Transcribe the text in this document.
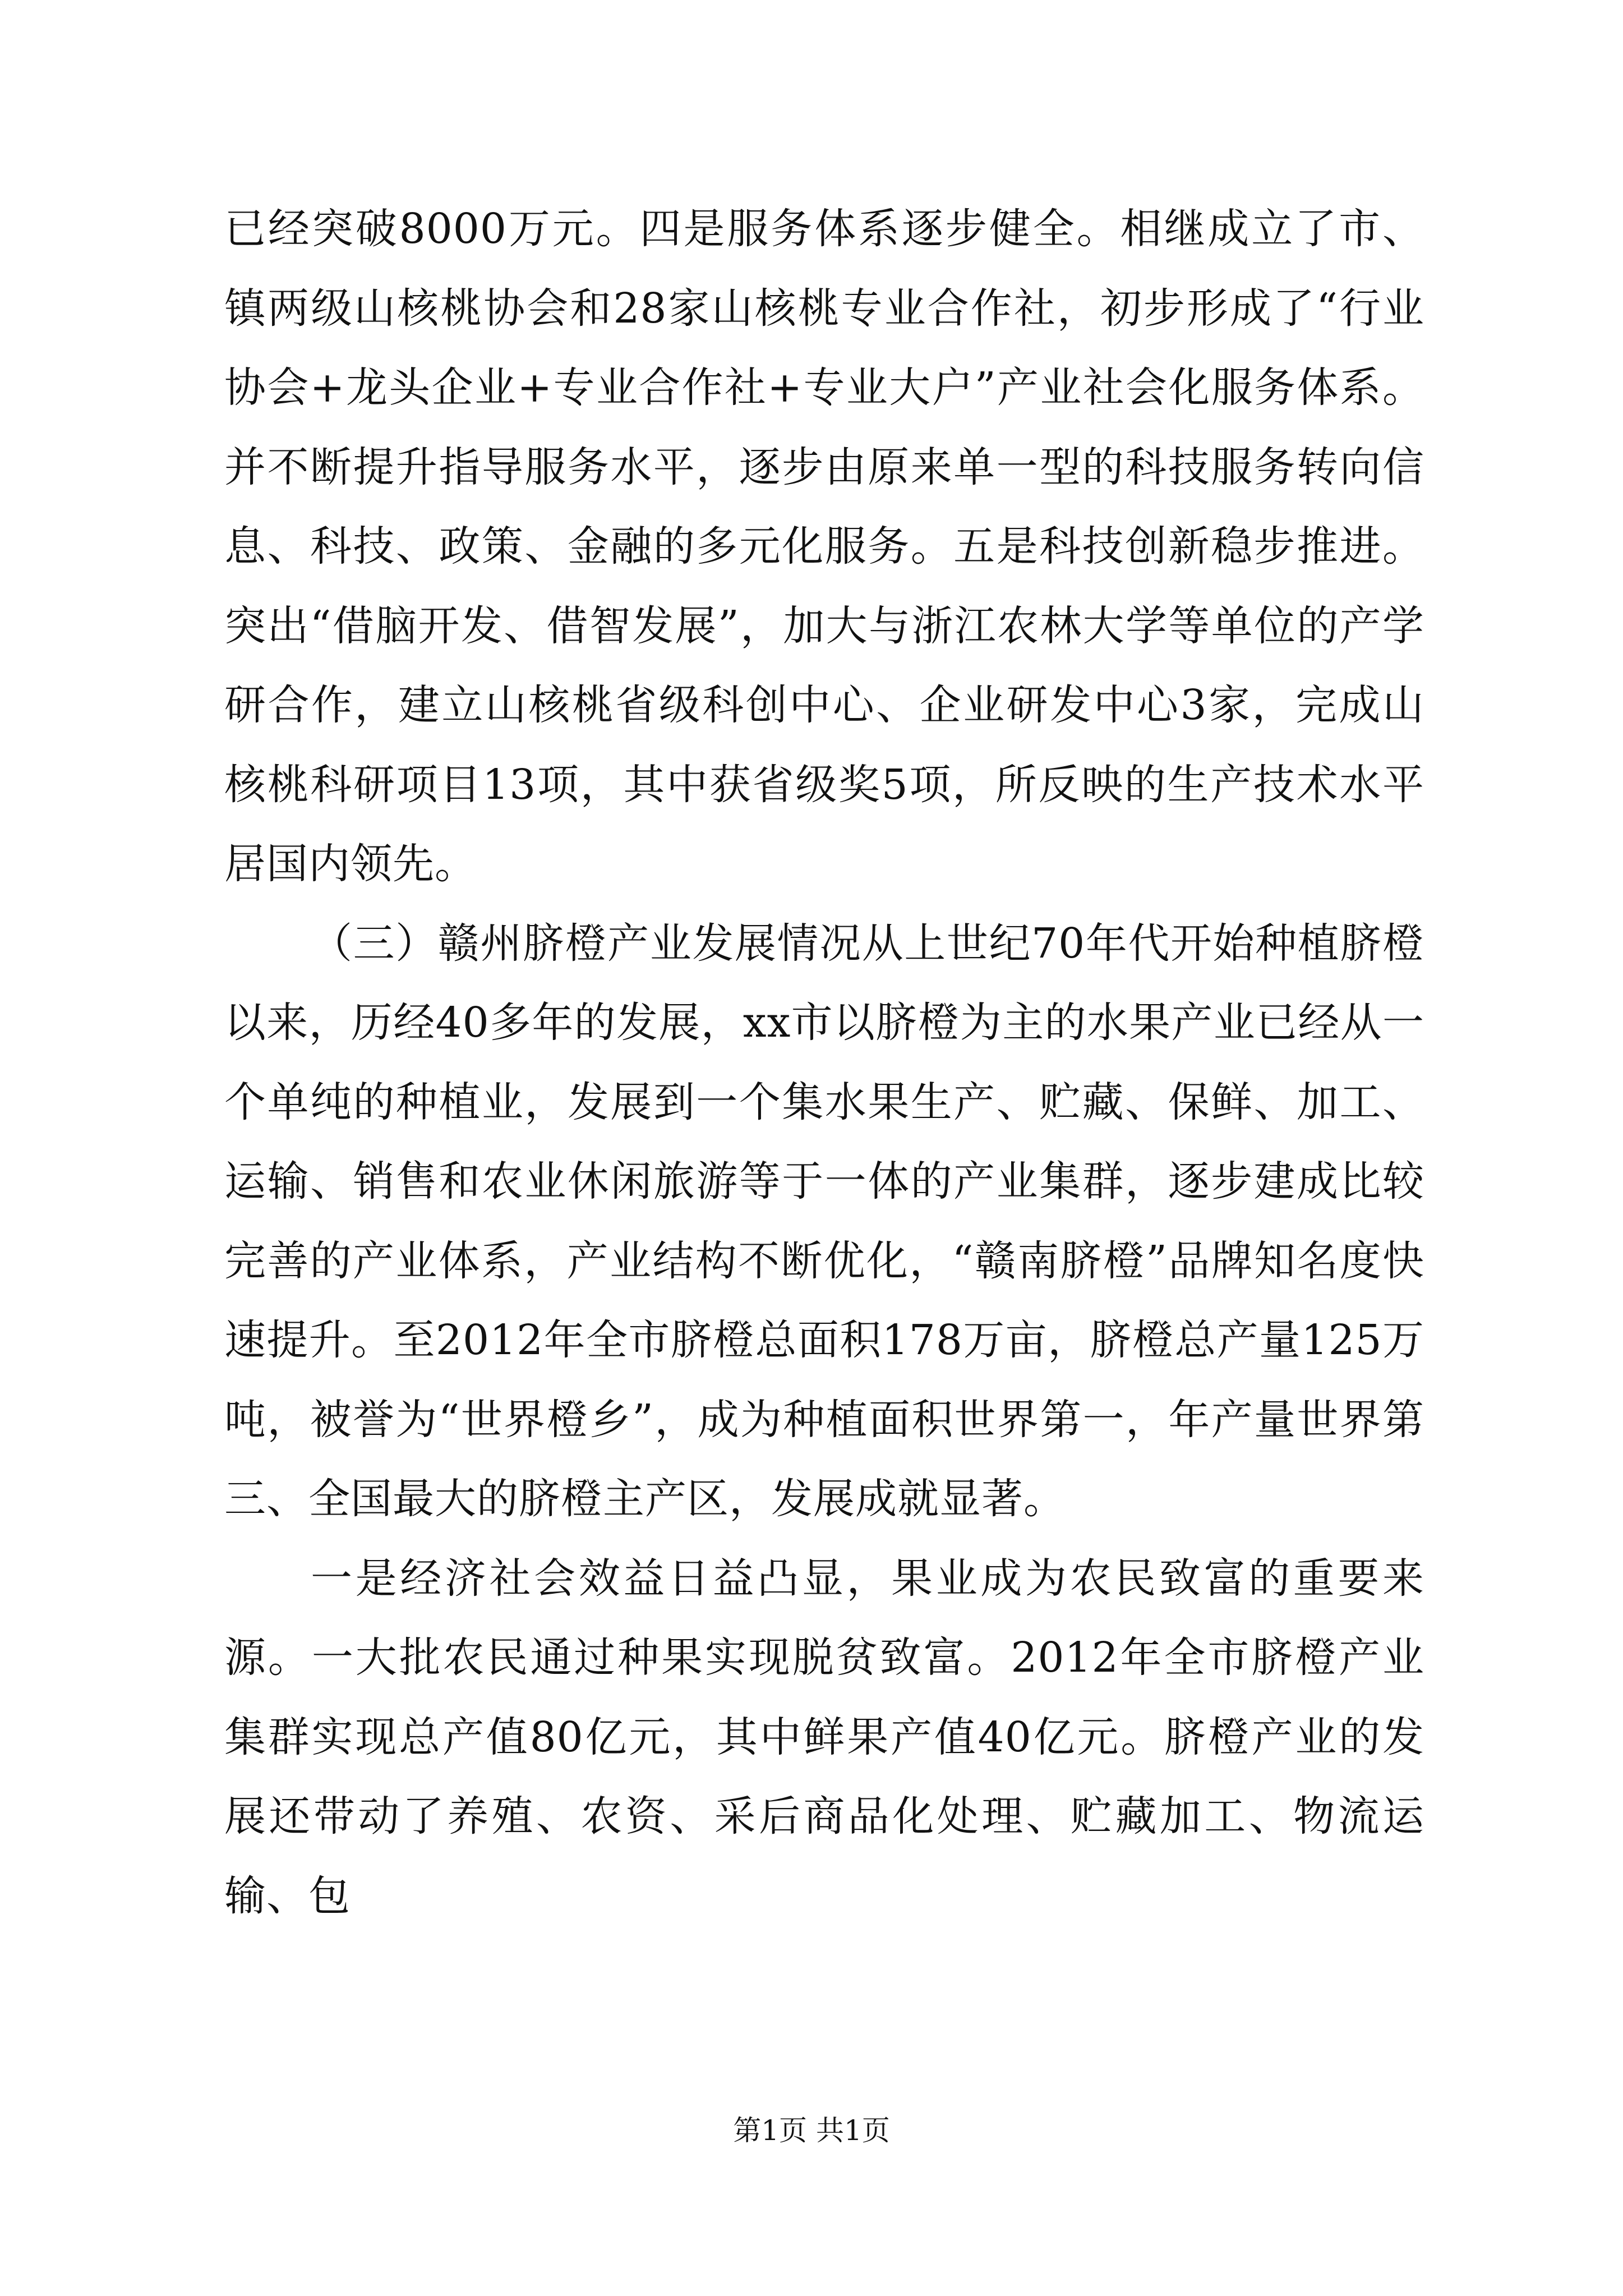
已经突破8000万元。四是服务体系逐步健全。相继成立了市、镇两级山核桃协会和28家山核桃专业合作社，初步形成了“行业协会+龙头企业+专业合作社+专业大户”产业社会化服务体系。并不断提升指导服务水平，逐步由原来单一型的科技服务转向信息、科技、政策、金融的多元化服务。五是科技创新稳步推进。突出“借脑开发、借智发展”，加大与浙江农林大学等单位的产学研合作，建立山核桃省级科创中心、企业研发中心3家，完成山核桃科研项目13项，其中获省级奖5项，所反映的生产技术水平居国内领先。

（三）赣州脐橙产业发展情况从上世纪70年代开始种植脐橙以来，历经40多年的发展，xx市以脐橙为主的水果产业已经从一个单纯的种植业，发展到一个集水果生产、贮藏、保鲜、加工、运输、销售和农业休闲旅游等于一体的产业集群，逐步建成比较完善的产业体系，产业结构不断优化，“赣南脐橙”品牌知名度快速提升。至2012年全市脐橙总面积178万亩，脐橙总产量125万吨，被誉为“世界橙乡”，成为种植面积世界第一，年产量世界第三、全国最大的脐橙主产区，发展成就显著。

一是经济社会效益日益凸显，果业成为农民致富的重要来源。一大批农民通过种果实现脱贫致富。2012年全市脐橙产业集群实现总产值80亿元，其中鲜果产值40亿元。脐橙产业的发展还带动了养殖、农资、采后商品化处理、贮藏加工、物流运输、包

第1页 共1页
